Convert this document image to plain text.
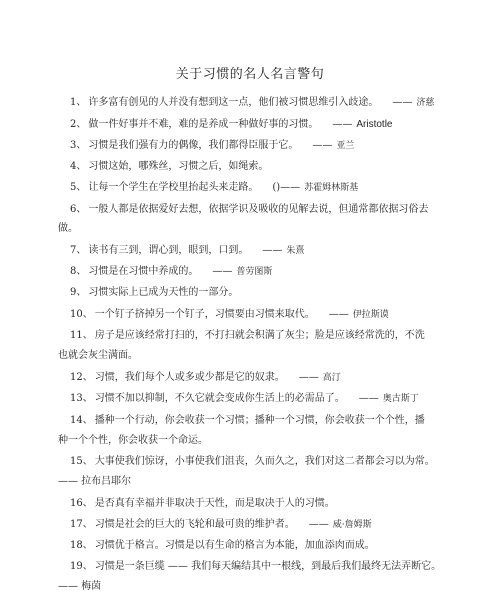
关于习惯的名人名言警句
1、 许多富有创见的人并没有想到这一点，他们被习惯思维引入歧途。 —— 济慈
2、 做一件好事并不难，难的是养成一种做好事的习惯。 —— Aristotle
3、 习惯是我们强有力的偶像，我们都得臣服于它。 —— 亚兰
4、 习惯这始，哪殊丝，习惯之后，如绳索。
5、 让每一个学生在学校里抬起头来走路。 ()—— 苏霍姆林斯基
6、 一般人都是依据爱好去想，依据学识及吸收的见解去说，但通常都依据习俗去
做。
7、 读书有三到，谓心到，眼到，口到。 —— 朱熹
8、 习惯是在习惯中养成的。 —— 普劳图斯
9、 习惯实际上已成为天性的一部分。
10、 一个钉子挤掉另一个钉子，习惯要由习惯来取代。 —— 伊拉斯谟
11、 房子是应该经常打扫的，不打扫就会积满了灰尘；脸是应该经常洗的，不洗
也就会灰尘满面。
12、 习惯，我们每个人或多或少都是它的奴隶。 —— 高汀
13、 习惯不加以抑制，不久它就会变成你生活上的必需品了。 —— 奥古斯丁
14、 播种一个行动，你会收获一个习惯；播种一个习惯，你会收获一个个性，播
种一个个性，你会收获一个命运。
15、 大事使我们惊讶，小事使我们沮丧，久而久之，我们对这二者都会习以为常。
—— 拉布吕耶尔
16、 是否真有幸福并非取决于天性，而是取决于人的习惯。
17、 习惯是社会的巨大的飞轮和最可贵的维护者。 —— 威·詹姆斯
18、 习惯优于格言。习惯是以有生命的格言为本能，加血添肉而成。
19、 习惯是一条巨缆 —— 我们每天编结其中一根线，到最后我们最终无法弄断它。
—— 梅茵
